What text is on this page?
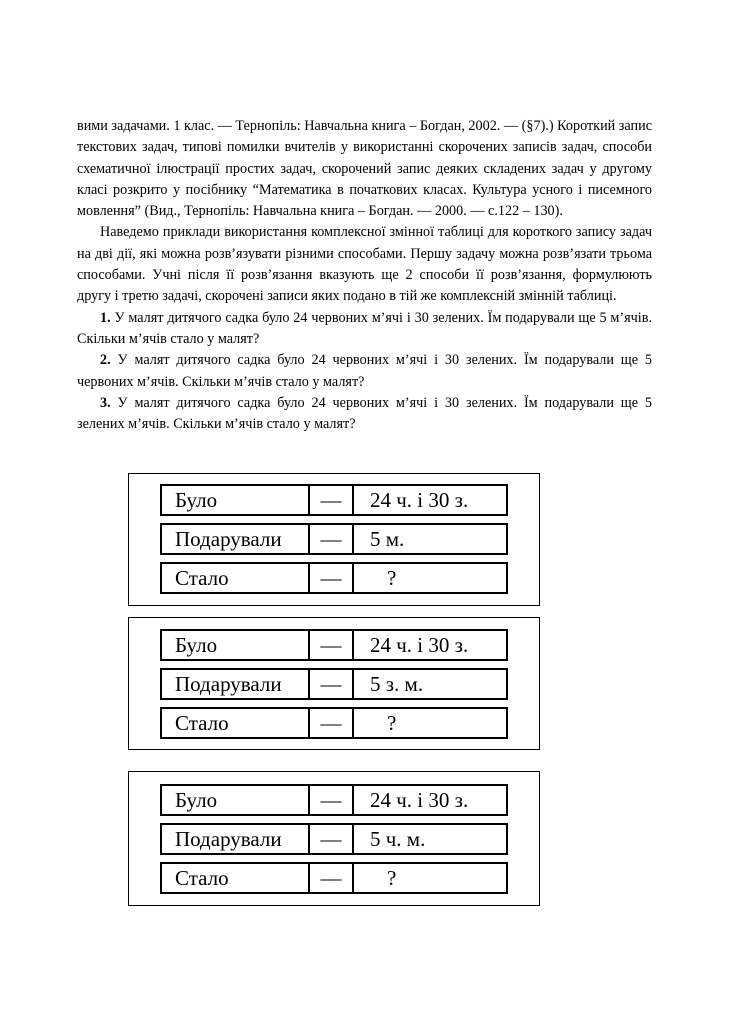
вими задачами. 1 клас. — Тернопіль: Навчальна книга – Богдан, 2002. — (§7).) Короткий запис текстових задач, типові помилки вчителів у використанні скорочених записів задач, способи схематичної ілюстрації простих задач, скорочений запис деяких складених задач у другому класі розкрито у посібнику “Математика в початкових класах. Культура усного і писемного мовлення” (Вид., Тернопіль: Навчальна книга – Богдан. — 2000. — с.122 – 130).

Наведемо приклади використання комплексної змінної таблиці для короткого запису задач на дві дії, які можна розв’язувати різними способами. Першу задачу можна розв’язати трьома способами. Учні після її розв’язання вказують ще 2 способи її розв’язання, формулюють другу і третю задачі, скорочені записи яких подано в тій же комплексній змінній таблиці.

1. У малят дитячого садка було 24 червоних м’ячі і 30 зелених. Їм подарували ще 5 м’ячів. Скільки м’ячів стало у малят?

2. У малят дитячого садка було 24 червоних м’ячі і 30 зелених. Їм подарували ще 5 червоних м’ячів. Скільки м’ячів стало у малят?

3. У малят дитячого садка було 24 червоних м’ячі і 30 зелених. Їм подарували ще 5 зелених м’ячів. Скільки м’ячів стало у малят?

Було	—	24 ч. і 30 з.
Подарували	—	5 м.
Стало	—	?
Було	—	24 ч. і 30 з.
Подарували	—	5 з. м.
Стало	—	?
Було	—	24 ч. і 30 з.
Подарували	—	5 ч. м.
Стало	—	?
